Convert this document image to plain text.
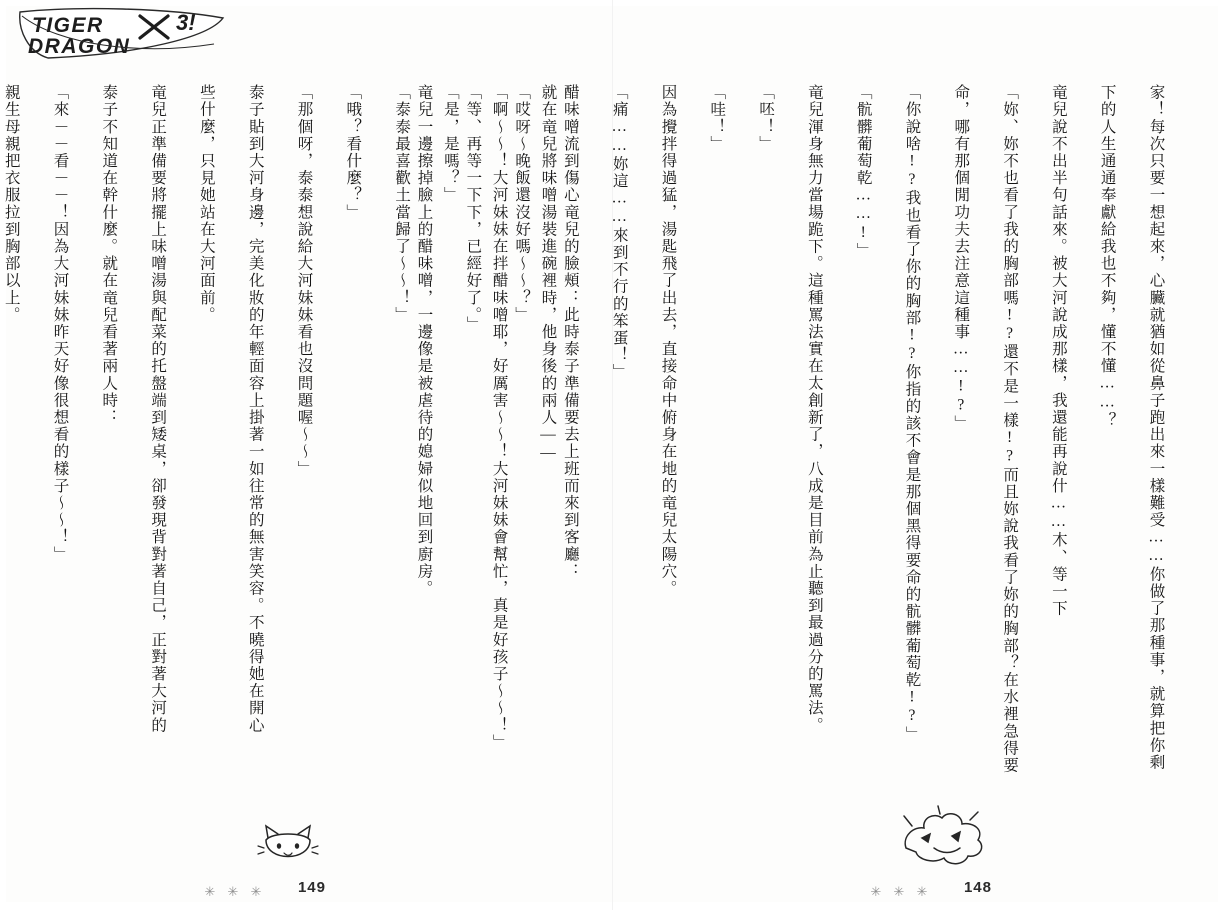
TIGER
DRAGON
3!

家！每次只要一想起來，心臟就猶如從鼻子跑出來一樣難受……你做了那種事，就算把你剩

下的人生通通奉獻給我也不夠，懂不懂……？

竜兒說不出半句話來。被大河說成那樣，我還能再說什……木、等一下

「妳、妳不也看了我的胸部嗎!?還不是一樣!?而且妳說我看了妳的胸部？在水裡急得要

命，哪有那個閒功夫去注意這種事……!?」

「你說啥!?我也看了你的胸部!?你指的該不會是那個黑得要命的骯髒葡萄乾!?」

「骯髒葡萄乾……!」

竜兒渾身無力當場跪下。這種罵法實在太創新了，八成是目前為止聽到最過分的罵法。

「呸！」

「哇！」

因為攪拌得過猛，湯匙飛了出去，直接命中俯身在地的竜兒太陽穴。

「痛……妳這……來到不行的笨蛋！」

醋味噌流到傷心竜兒的臉頰：此時泰子準備要去上班而來到客廳：

「哎呀～晚飯還沒好嗎～～？」

「等、再等一下下，已經好了。」

竜兒一邊擦掉臉上的醋味噌，一邊像是被虐待的媳婦似地回到廚房。

	就在竜兒將味噌湯裝進碗裡時，他身後的兩人――

「啊～～！大河妹妹在拌醋味噌耶，好厲害～～！大河妹妹會幫忙，真是好孩子～～！」

「是，是嗎？」

「泰泰最喜歡土當歸了～～！」

「哦？看什麼？」

「那個呀，泰泰想說給大河妹妹看也沒問題喔～～」

泰子貼到大河身邊，完美化妝的年輕面容上掛著一如往常的無害笑容。不曉得她在開心

些什麼，只見她站在大河面前。

竜兒正準備要將擺上味噌湯與配菜的托盤端到矮桌，卻發現背對著自己，正對著大河的

泰子不知道在幹什麼。就在竜兒看著兩人時：

「來－－看－－！因為大河妹妹昨天好像很想看的樣子～～！」

親生母親把衣服拉到胸部以上。

✳ ✳ ✳	148
✳ ✳ ✳	149
